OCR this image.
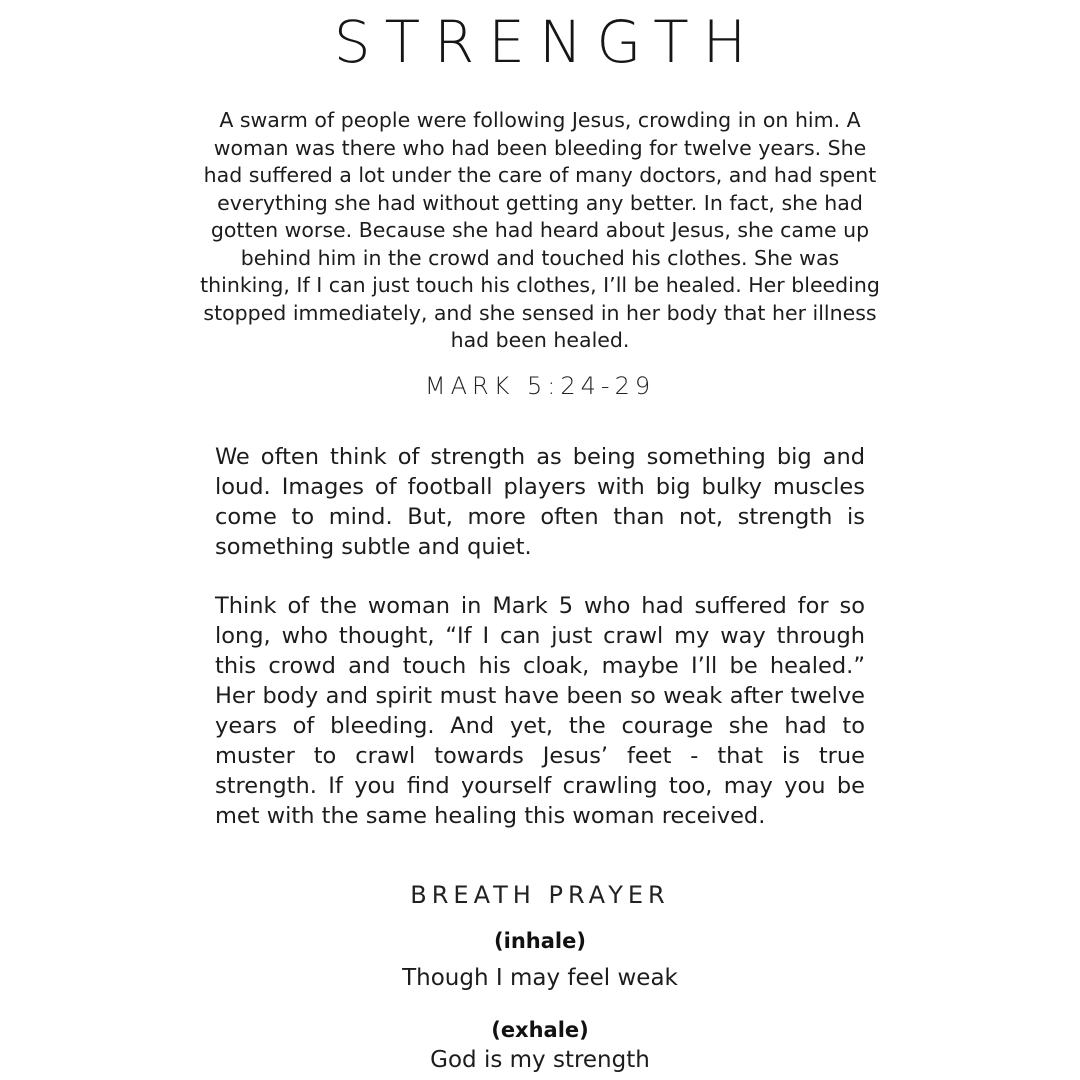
STRENGTH

A swarm of people were following Jesus, crowding in on him. A woman was there who had been bleeding for twelve years. She had suffered a lot under the care of many doctors, and had spent everything she had without getting any better. In fact, she had gotten worse. Because she had heard about Jesus, she came up behind him in the crowd and touched his clothes. She was thinking, If I can just touch his clothes, I’ll be healed. Her bleeding stopped immediately, and she sensed in her body that her illness had been healed.

MARK 5:24-29

We often think of strength as being something big and loud. Images of football players with big bulky muscles come to mind. But, more often than not, strength is something subtle and quiet.

Think of the woman in Mark 5 who had suffered for so long, who thought, “If I can just crawl my way through this crowd and touch his cloak, maybe I’ll be healed.” Her body and spirit must have been so weak after twelve years of bleeding. And yet, the courage she had to muster to crawl towards Jesus’ feet - that is true strength. If you find yourself crawling too, may you be met with the same healing this woman received.

BREATH PRAYER
(inhale)
Though I may feel weak
(exhale)
God is my strength
